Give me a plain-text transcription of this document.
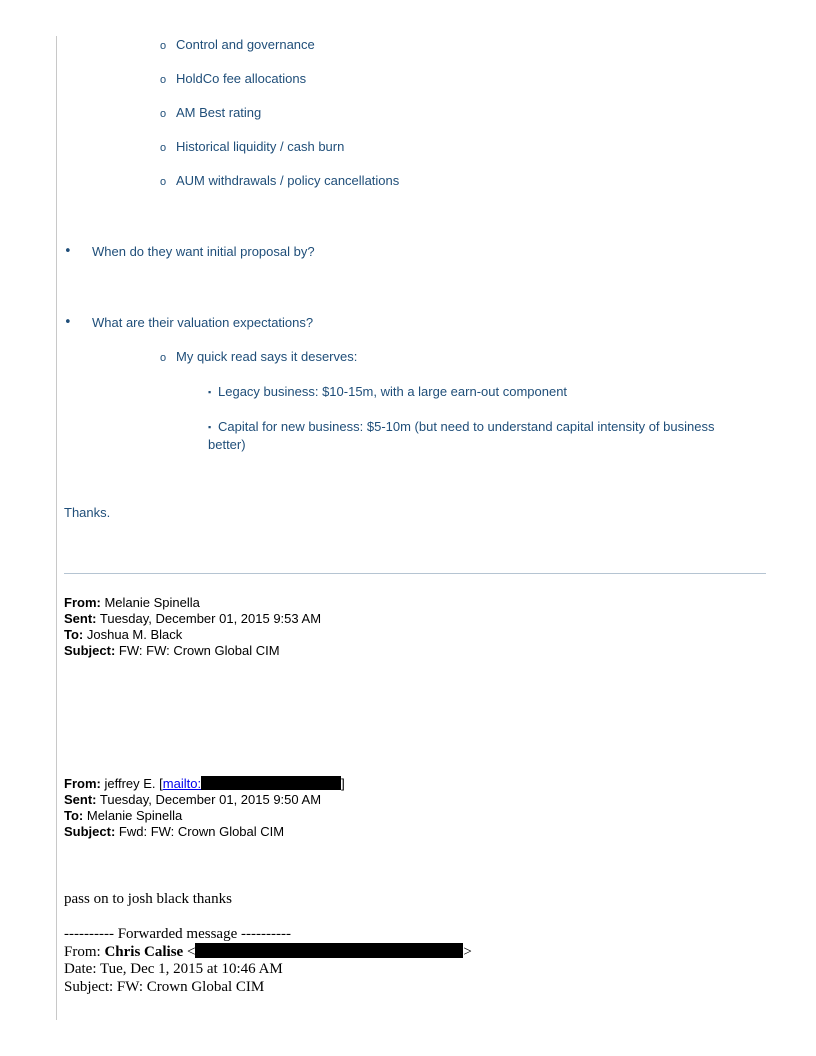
o Control and governance
o HoldCo fee allocations
o AM Best rating
o Historical liquidity / cash burn
o AUM withdrawals / policy cancellations
• When do they want initial proposal by?
• What are their valuation expectations?
o My quick read says it deserves:
▪ Legacy business: $10-15m, with a large earn-out component
▪ Capital for new business: $5-10m (but need to understand capital intensity of business
better)
Thanks.
From: Melanie Spinella
Sent: Tuesday, December 01, 2015 9:53 AM
To: Joshua M. Black
Subject: FW: FW: Crown Global CIM
From: jeffrey E. [mailto:	]
Sent: Tuesday, December 01, 2015 9:50 AM
To: Melanie Spinella
Subject: Fwd: FW: Crown Global CIM
pass on to josh black thanks
---------- Forwarded message ----------
From: Chris Calise <	>
Date: Tue, Dec 1, 2015 at 10:46 AM
Subject: FW: Crown Global CIM
